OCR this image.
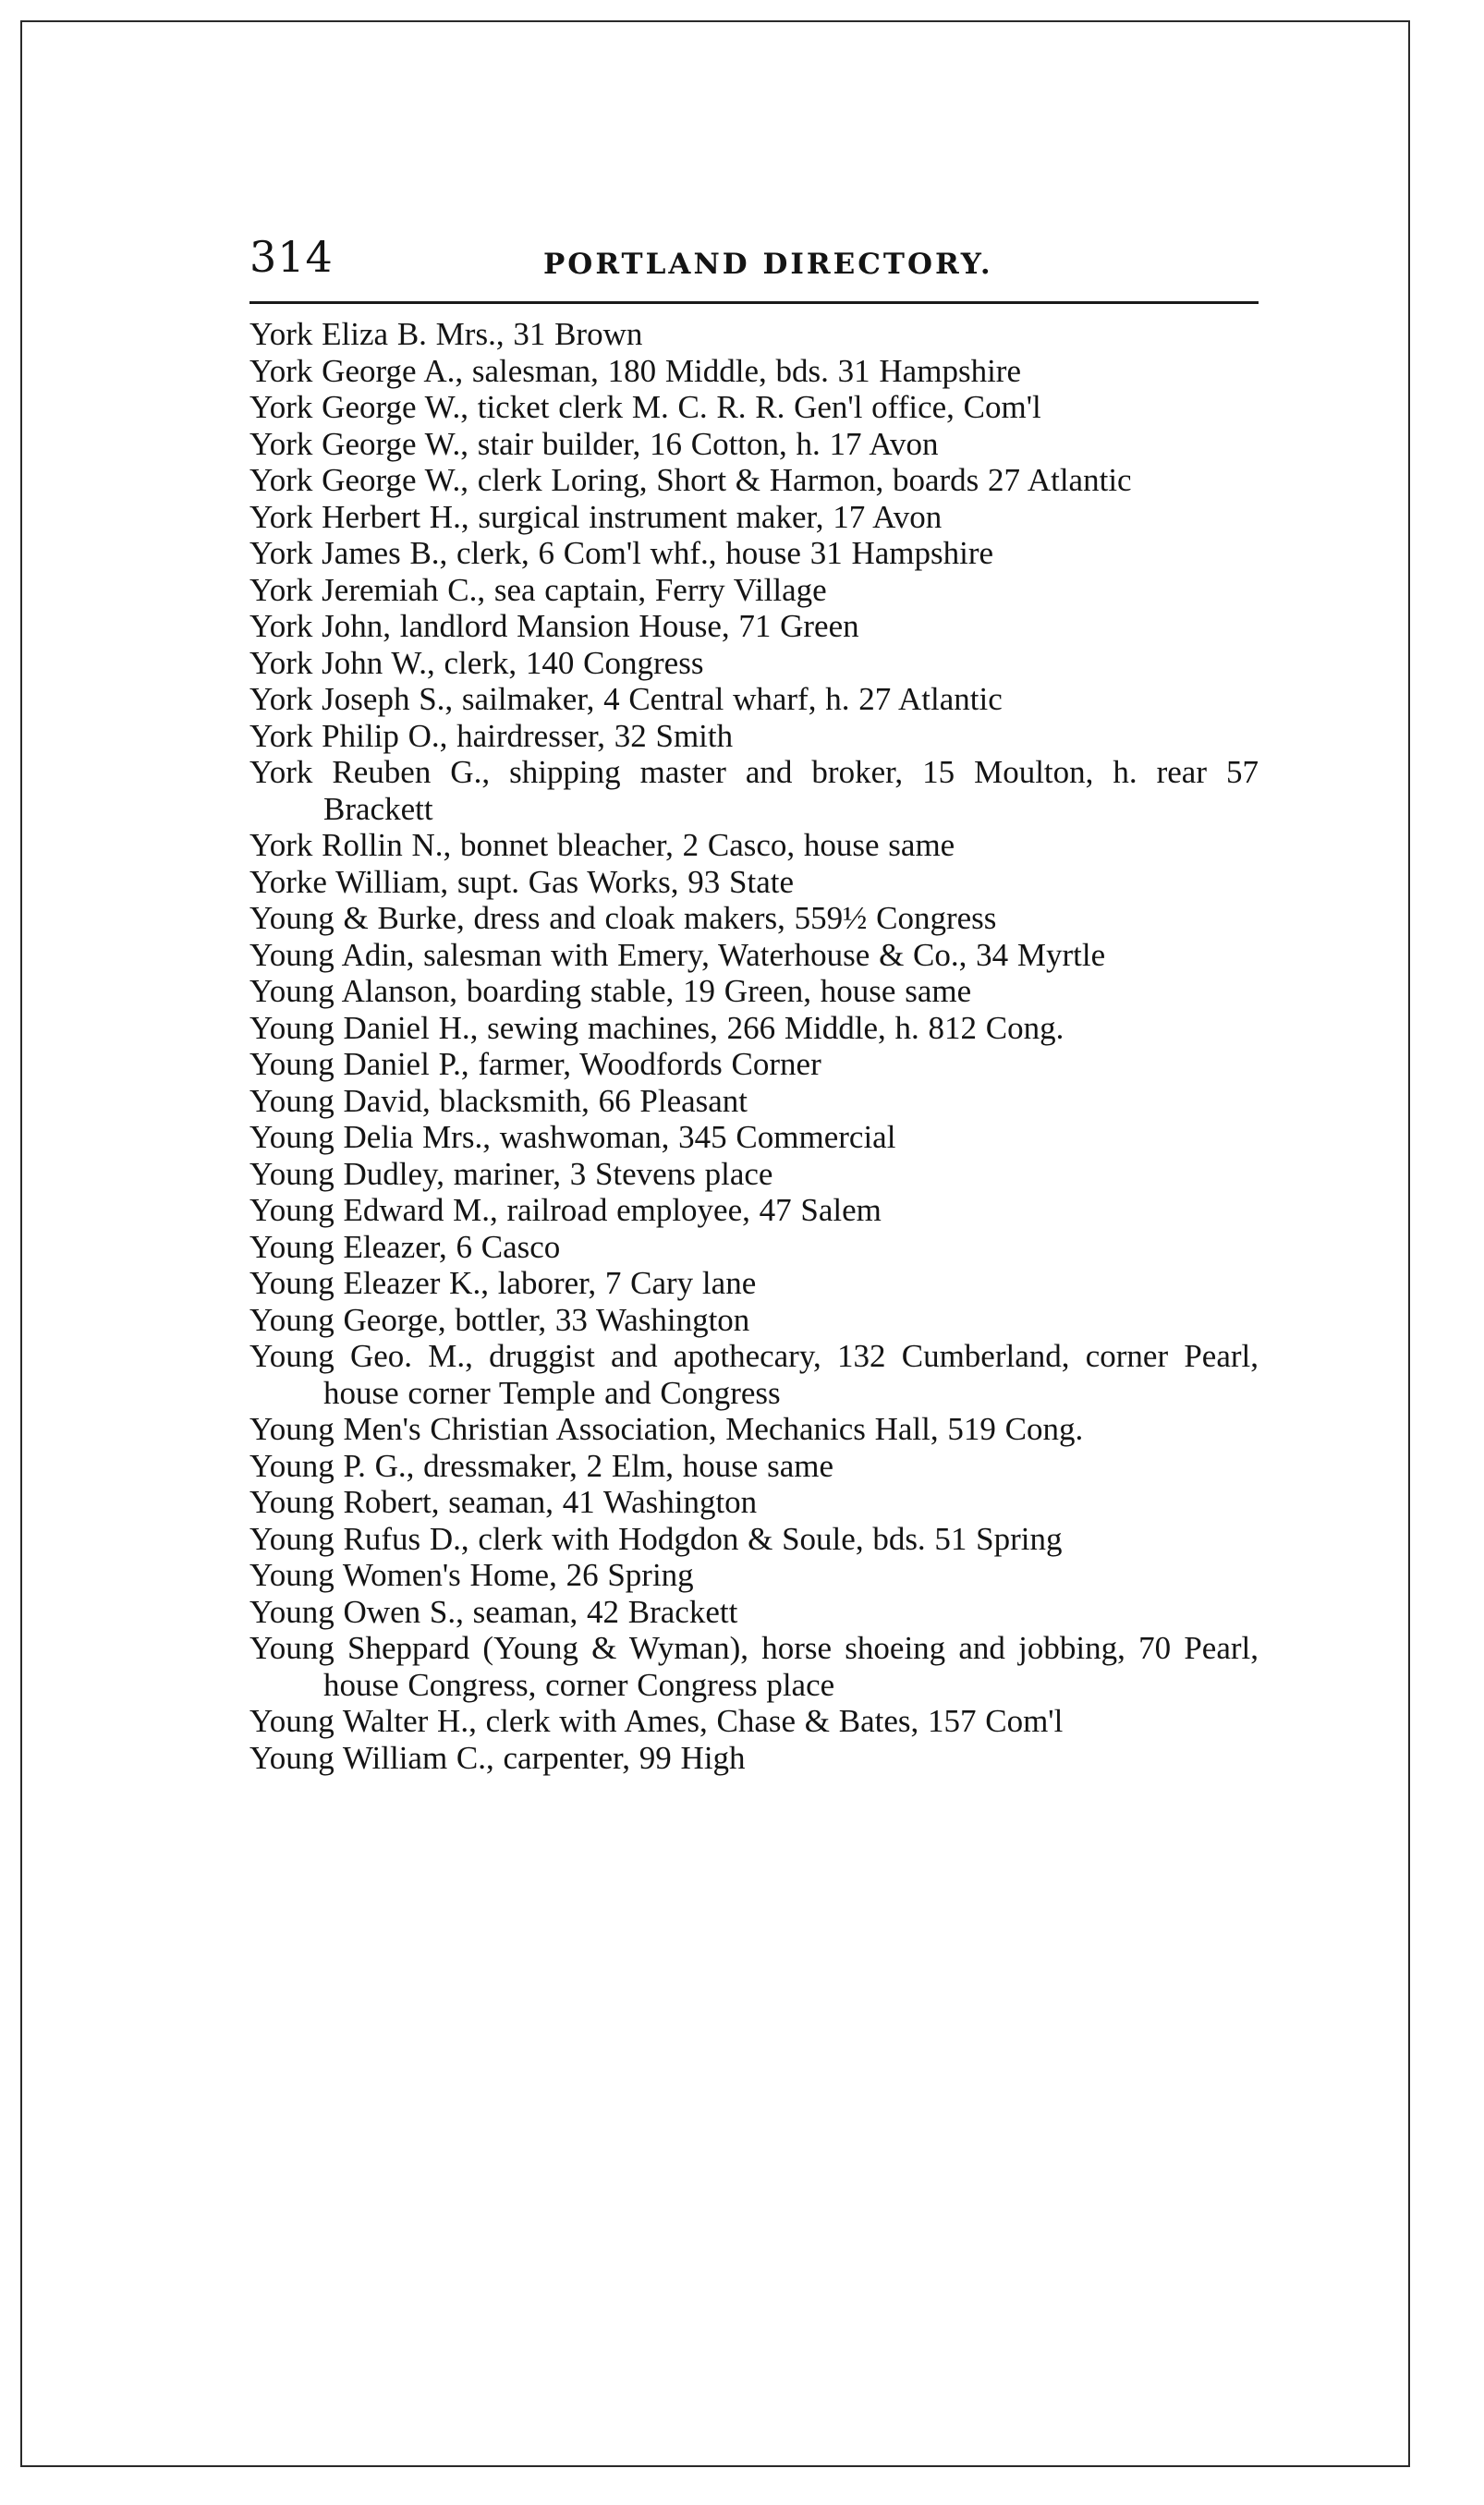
314	PORTLAND DIRECTORY.
York Eliza B. Mrs., 31 Brown
York George A., salesman, 180 Middle, bds. 31 Hampshire
York George W., ticket clerk M. C. R. R. Gen'l office, Com'l
York George W., stair builder, 16 Cotton, h. 17 Avon
York George W., clerk Loring, Short & Harmon, boards 27 Atlantic
York Herbert H., surgical instrument maker, 17 Avon
York James B., clerk, 6 Com'l whf., house 31 Hampshire
York Jeremiah C., sea captain, Ferry Village
York John, landlord Mansion House, 71 Green
York John W., clerk, 140 Congress
York Joseph S., sailmaker, 4 Central wharf, h. 27 Atlantic
York Philip O., hairdresser, 32 Smith
York Reuben G., shipping master and broker, 15 Moulton, h. rear 57 Brackett
York Rollin N., bonnet bleacher, 2 Casco, house same
Yorke William, supt. Gas Works, 93 State
Young & Burke, dress and cloak makers, 559½ Congress
Young Adin, salesman with Emery, Waterhouse & Co., 34 Myrtle
Young Alanson, boarding stable, 19 Green, house same
Young Daniel H., sewing machines, 266 Middle, h. 812 Cong.
Young Daniel P., farmer, Woodfords Corner
Young David, blacksmith, 66 Pleasant
Young Delia Mrs., washwoman, 345 Commercial
Young Dudley, mariner, 3 Stevens place
Young Edward M., railroad employee, 47 Salem
Young Eleazer, 6 Casco
Young Eleazer K., laborer, 7 Cary lane
Young George, bottler, 33 Washington
Young Geo. M., druggist and apothecary, 132 Cumberland, corner Pearl, house corner Temple and Congress
Young Men's Christian Association, Mechanics Hall, 519 Cong.
Young P. G., dressmaker, 2 Elm, house same
Young Robert, seaman, 41 Washington
Young Rufus D., clerk with Hodgdon & Soule, bds. 51 Spring
Young Women's Home, 26 Spring
Young Owen S., seaman, 42 Brackett
Young Sheppard (Young & Wyman), horse shoeing and jobbing, 70 Pearl, house Congress, corner Congress place
Young Walter H., clerk with Ames, Chase & Bates, 157 Com'l
Young William C., carpenter, 99 High
